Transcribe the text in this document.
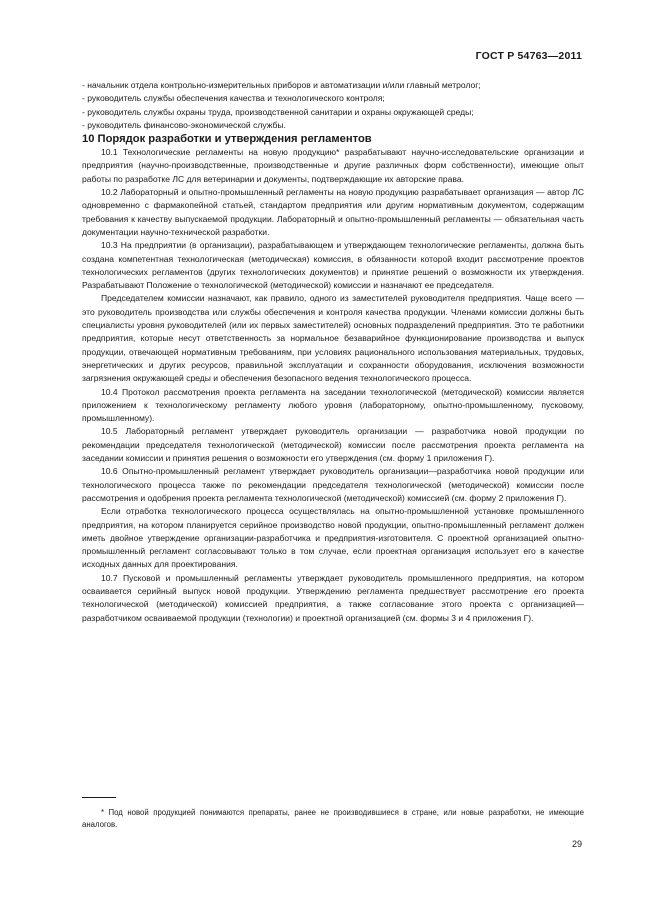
ГОСТ Р 54763—2011

- начальник отдела контрольно-измерительных приборов и автоматизации и/или главный метролог;

- руководитель службы обеспечения качества и технологического контроля;

- руководитель службы охраны труда, производственной санитарии и охраны окружающей среды;

- руководитель финансово-экономической службы.

10 Порядок разработки и утверждения регламентов

10.1 Технологические регламенты на новую продукцию* разрабатывают научно-исследовательские организации и предприятия (научно-производственные, производственные и другие различных форм собственности), имеющие опыт работы по разработке ЛС для ветеринарии и документы, подтверждающие их авторские права.

10.2 Лабораторный и опытно-промышленный регламенты на новую продукцию разрабатывает организация — автор ЛС одновременно с фармакопейной статьей, стандартом предприятия или другим нормативным документом, содержащим требования к качеству выпускаемой продукции. Лабораторный и опытно-промышленный регламенты — обязательная часть документации научно-технической разработки.

10.3 На предприятии (в организации), разрабатывающем и утверждающем технологические регламенты, должна быть создана компетентная технологическая (методическая) комиссия, в обязанности которой входит рассмотрение проектов технологических регламентов (других технологических документов) и принятие решений о возможности их утверждения. Разрабатывают Положение о технологической (методической) комиссии и назначают ее председателя.

Председателем комиссии назначают, как правило, одного из заместителей руководителя предприятия. Чаще всего — это руководитель производства или службы обеспечения и контроля качества продукции. Членами комиссии должны быть специалисты уровня руководителей (или их первых заместителей) основных подразделений предприятия. Это те работники предприятия, которые несут ответственность за нормальное безаварийное функционирование производства и выпуск продукции, отвечающей нормативным требованиям, при условиях рационального использования материальных, трудовых, энергетических и других ресурсов, правильной эксплуатации и сохранности оборудования, исключения возможности загрязнения окружающей среды и обеспечения безопасного ведения технологического процесса.

10.4 Протокол рассмотрения проекта регламента на заседании технологической (методической) комиссии является приложением к технологическому регламенту любого уровня (лабораторному, опытно-промышленному, пусковому, промышленному).

10.5 Лабораторный регламент утверждает руководитель организации — разработчика новой продукции по рекомендации председателя технологической (методической) комиссии после рассмотрения проекта регламента на заседании комиссии и принятия решения о возможности его утверждения (см. форму 1 приложения Г).

10.6 Опытно-промышленный регламент утверждает руководитель организации—разработчика новой продукции или технологического процесса также по рекомендации председателя технологической (методической) комиссии после рассмотрения и одобрения проекта регламента технологической (методической) комиссией (см. форму 2 приложения Г).

Если отработка технологического процесса осуществлялась на опытно-промышленной установке промышленного предприятия, на котором планируется серийное производство новой продукции, опытно-промышленный регламент должен иметь двойное утверждение организации-разработчика и предприятия-изготовителя. С проектной организацией опытно-промышленный регламент согласовывают только в том случае, если проектная организация использует его в качестве исходных данных для проектирования.

10.7 Пусковой и промышленный регламенты утверждает руководитель промышленного предприятия, на котором осваивается серийный выпуск новой продукции. Утверждению регламента предшествует рассмотрение его проекта технологической (методической) комиссией предприятия, а также согласование этого проекта с организацией—разработчиком осваиваемой продукции (технологии) и проектной организацией (см. формы 3 и 4 приложения Г).

* Под новой продукцией понимаются препараты, ранее не производившиеся в стране, или новые разработки, не имеющие аналогов.

29
